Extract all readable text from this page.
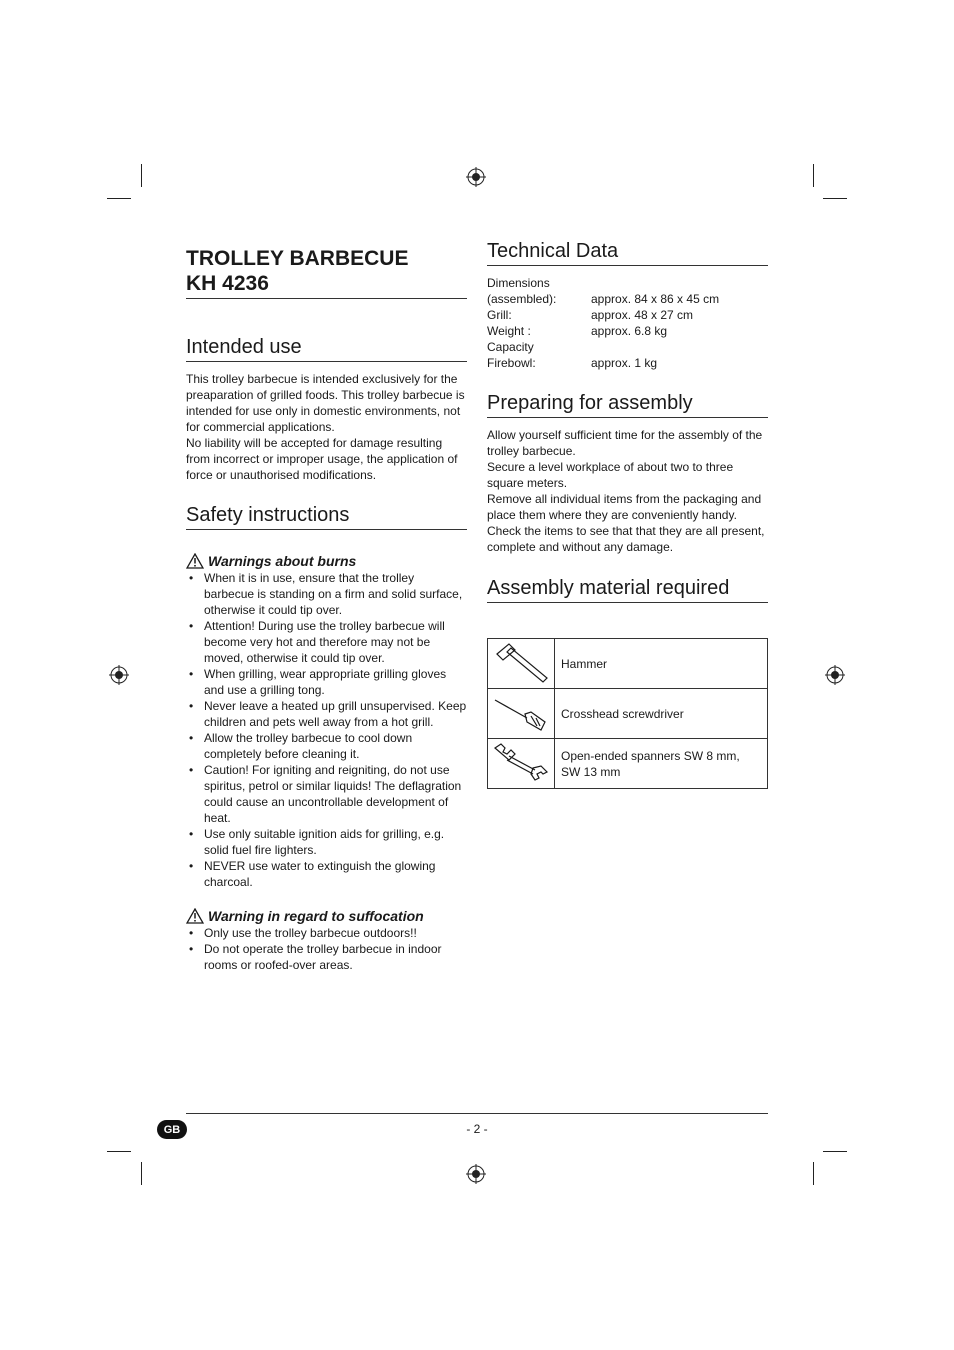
TROLLEY BARBECUE
KH 4236
Intended use

This trolley barbecue is intended exclusively for the preaparation of grilled foods. This trolley barbecue is intended for use only in domestic environments, not for commercial applications.

No liability will be accepted for damage resulting from incorrect or improper usage, the application of force or unauthorised modifications.

Safety instructions
Warnings about burns
• When it is in use, ensure that the trolley barbecue is standing on a firm and solid surface, otherwise it could tip over.
• Attention! During use the trolley barbecue will become very hot and therefore may not be moved, otherwise it could tip over.
• When grilling, wear appropriate grilling gloves and use a grilling tong.
• Never leave a heated up grill unsupervised. Keep children and pets well away from a hot grill.
• Allow the trolley barbecue to cool down completely before cleaning it.
• Caution! For igniting and reigniting, do not use spiritus, petrol or similar liquids! The deflagration could cause an uncontrollable development of heat.
• Use only suitable ignition aids for grilling, e.g. solid fuel fire lighters.
• NEVER use water to extinguish the glowing charcoal.
Warning in regard to suffocation
• Only use the trolley barbecue outdoors!!
• Do not operate the trolley barbecue in indoor rooms or roofed-over areas.
Technical Data
Dimensions
(assembled):	approx. 84 x 86 x 45 cm
Grill:	approx. 48 x 27 cm
Weight :	approx. 6.8 kg
Capacity
Firebowl:	approx. 1 kg
Preparing for assembly

Allow yourself sufficient time for the assembly of the trolley barbecue.

Secure a level workplace of about two to three square meters.

Remove all individual items from the packaging and place them where they are conveniently handy.

Check the items to see that that they are all present, complete and without any damage.

Assembly material required
	Hammer
	Crosshead screwdriver
	Open-ended spanners SW 8 mm, SW 13 mm
GB	- 2 -
